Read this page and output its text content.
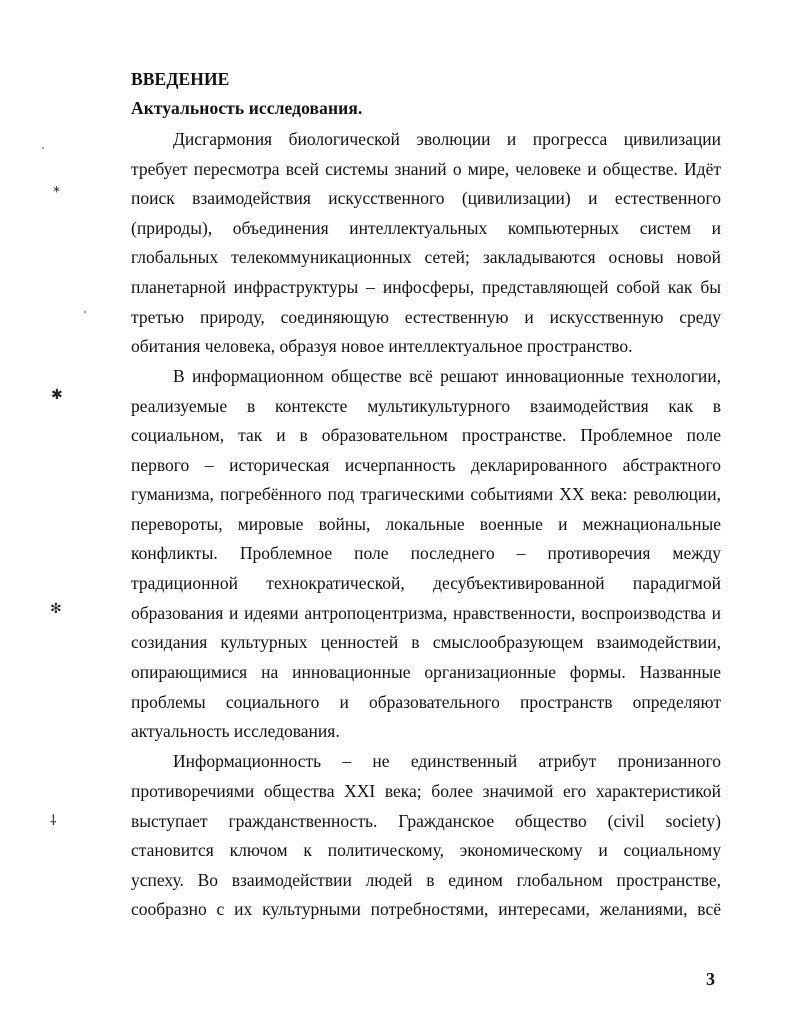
⁎
✱
✻
⸸
ВВЕДЕНИЕ
Актуальность исследования.
Дисгармония биологической эволюции и прогресса цивилизации
требует пересмотра всей системы знаний о мире, человеке и обществе. Идёт
поиск взаимодействия искусственного (цивилизации) и естественного
(природы), объединения интеллектуальных компьютерных систем и
глобальных телекоммуникационных сетей; закладываются основы новой
планетарной инфраструктуры – инфосферы, представляющей собой как бы
третью природу, соединяющую естественную и искусственную среду
обитания человека, образуя новое интеллектуальное пространство.
В информационном обществе всё решают инновационные технологии,
реализуемые в контексте мультикультурного взаимодействия как в
социальном, так и в образовательном пространстве. Проблемное поле
первого – историческая исчерпанность декларированного абстрактного
гуманизма, погребённого под трагическими событиями XX века: революции,
перевороты, мировые войны, локальные военные и межнациональные
конфликты. Проблемное поле последнего – противоречия между
традиционной технократической, десубъективированной парадигмой
образования и идеями антропоцентризма, нравственности, воспроизводства и
созидания культурных ценностей в смыслообразующем взаимодействии,
опирающимися на инновационные организационные формы. Названные
проблемы социального и образовательного пространств определяют
актуальность исследования.
Информационность – не единственный атрибут пронизанного
противоречиями общества XXI века; более значимой его характеристикой
выступает гражданственность. Гражданское общество (civil society)
становится ключом к политическому, экономическому и социальному
успеху. Во взаимодействии людей в едином глобальном пространстве,
сообразно с их культурными потребностями, интересами, желаниями, всё
3
